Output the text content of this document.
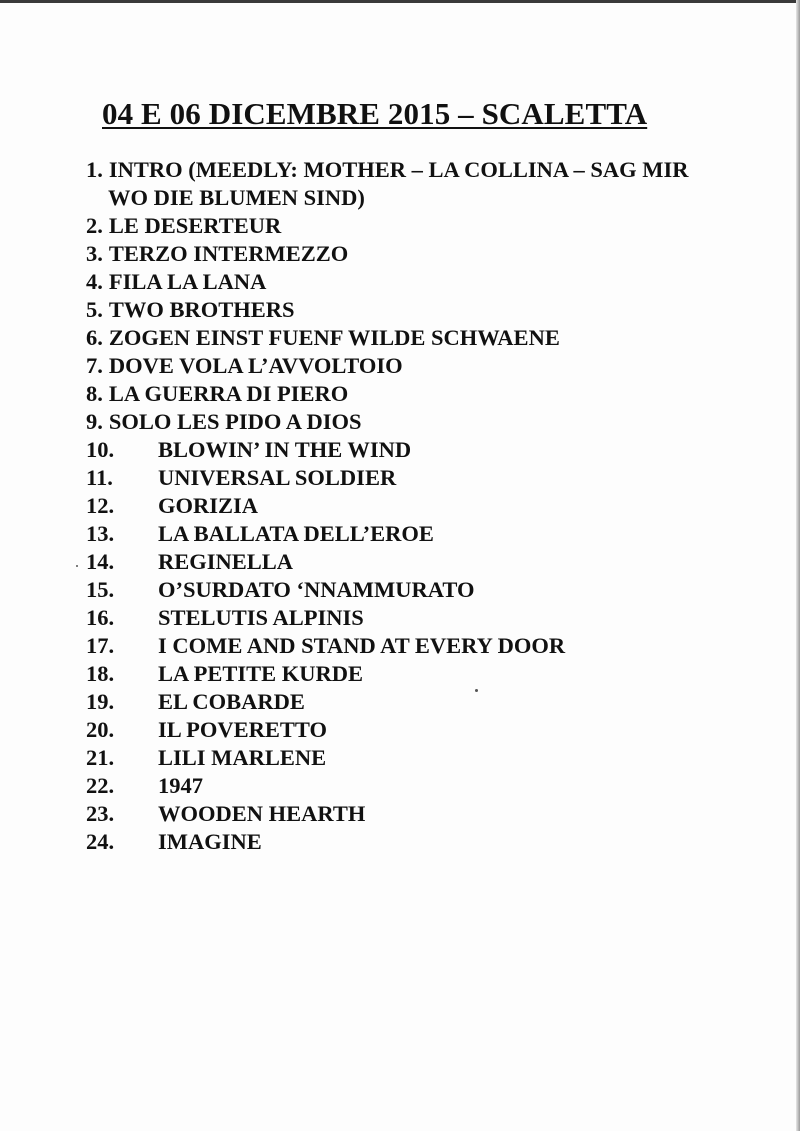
04 E 06 DICEMBRE 2015 – SCALETTA
1. INTRO (MEEDLY: MOTHER – LA COLLINA – SAG MIR WO DIE BLUMEN SIND)
2. LE DESERTEUR
3. TERZO INTERMEZZO
4. FILA LA LANA
5. TWO BROTHERS
6. ZOGEN EINST FUENF WILDE SCHWAENE
7. DOVE VOLA L’AVVOLTOIO
8. LA GUERRA DI PIERO
9. SOLO LES PIDO A DIOS
10. BLOWIN’ IN THE WIND
11. UNIVERSAL SOLDIER
12. GORIZIA
13. LA BALLATA DELL’EROE
14. REGINELLA
15. O’SURDATO ‘NNAMMURATO
16. STELUTIS ALPINIS
17. I COME AND STAND AT EVERY DOOR
18. LA PETITE KURDE
19. EL COBARDE
20. IL POVERETTO
21. LILI MARLENE
22. 1947
23. WOODEN HEARTH
24. IMAGINE
